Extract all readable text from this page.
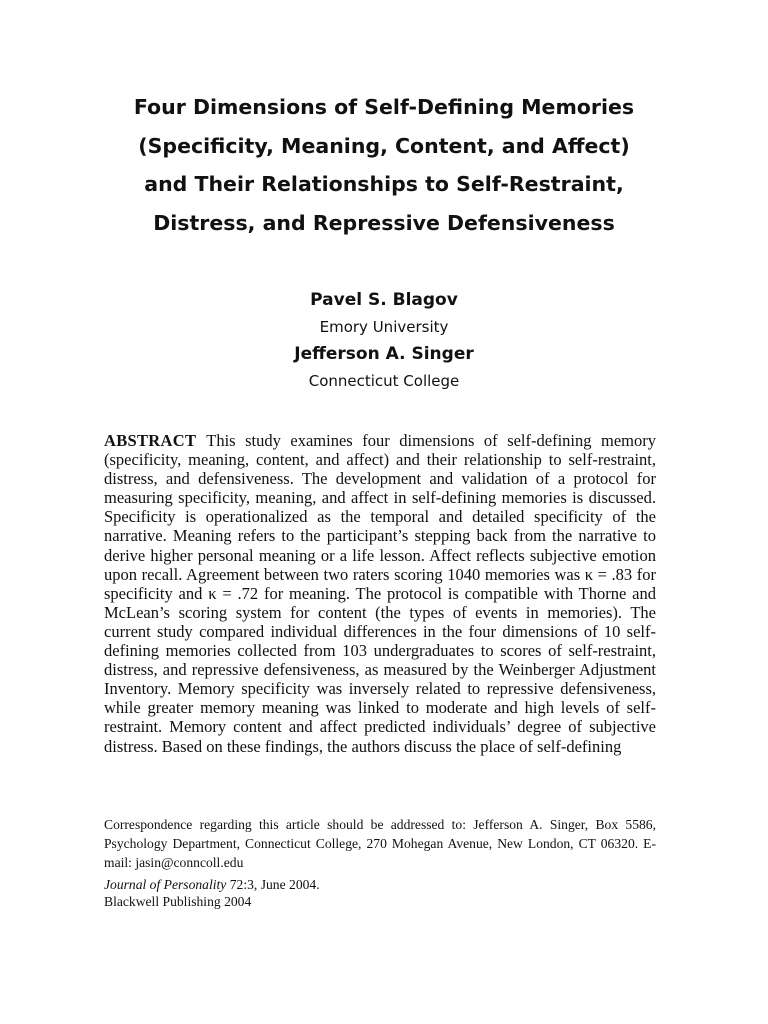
Four Dimensions of Self-Defining Memories
(Specificity, Meaning, Content, and Affect)
and Their Relationships to Self-Restraint,
Distress, and Repressive Defensiveness
Pavel S. Blagov
Emory University
Jefferson A. Singer
Connecticut College

ABSTRACT This study examines four dimensions of self-defining memory (specificity, meaning, content, and affect) and their relationship to self-restraint, distress, and defensiveness. The development and validation of a protocol for measuring specificity, meaning, and affect in self-defining memories is discussed. Specificity is operationalized as the temporal and detailed specificity of the narrative. Meaning refers to the participant’s stepping back from the narrative to derive higher personal meaning or a life lesson. Affect reflects subjective emotion upon recall. Agreement between two raters scoring 1040 memories was κ = .83 for specificity and κ = .72 for meaning. The protocol is compatible with Thorne and McLean’s scoring system for content (the types of events in memories). The current study compared individual differences in the four dimensions of 10 self-defining memories collected from 103 undergraduates to scores of self-restraint, distress, and repressive defensiveness, as measured by the Weinberger Adjustment Inventory. Memory specificity was inversely related to repressive defensiveness, while greater memory meaning was linked to moderate and high levels of self-restraint. Memory content and affect predicted individuals’ degree of subjective distress. Based on these findings, the authors discuss the place of self-defining

Correspondence regarding this article should be addressed to: Jefferson A. Singer, Box 5586, Psychology Department, Connecticut College, 270 Mohegan Avenue, New London, CT 06320. E-mail: jasin@conncoll.edu

Journal of Personality 72:3, June 2004.
Blackwell Publishing 2004
